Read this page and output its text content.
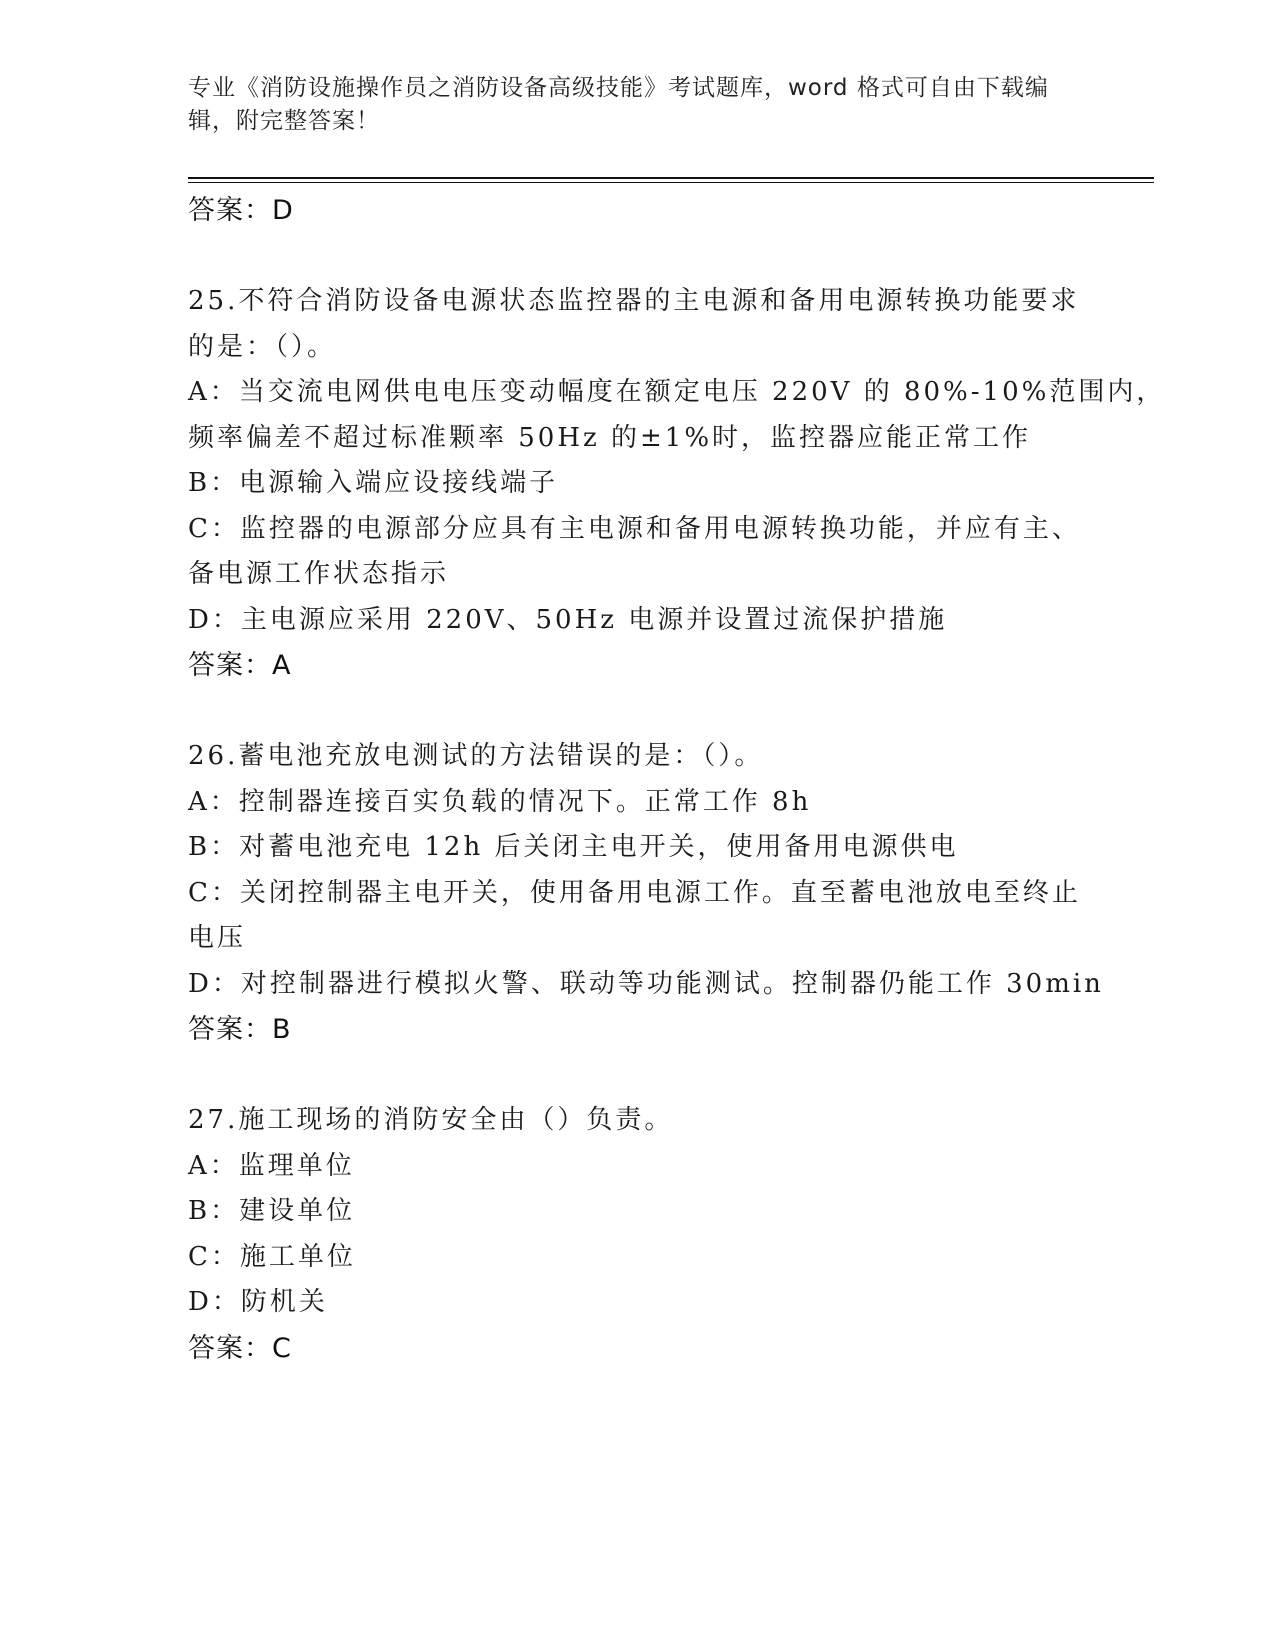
专业《消防设施操作员之消防设备高级技能》考试题库，word 格式可自由下载编
辑，附完整答案！
答案：D
25.不符合消防设备电源状态监控器的主电源和备用电源转换功能要求
的是：（）。
A：当交流电网供电电压变动幅度在额定电压 220V 的 80%-10%范围内，
频率偏差不超过标准颗率 50Hz 的±1%时，监控器应能正常工作
B：电源输入端应设接线端子
C：监控器的电源部分应具有主电源和备用电源转换功能，并应有主、
备电源工作状态指示
D：主电源应采用 220V、50Hz 电源并设置过流保护措施
答案：A
26.蓄电池充放电测试的方法错误的是：（）。
A：控制器连接百实负载的情况下。正常工作 8h
B：对蓄电池充电 12h 后关闭主电开关，使用备用电源供电
C：关闭控制器主电开关，使用备用电源工作。直至蓄电池放电至终止
电压
D：对控制器进行模拟火警、联动等功能测试。控制器仍能工作 30min
答案：B
27.施工现场的消防安全由（）负责。
A：监理单位
B：建设单位
C：施工单位
D：防机关
答案：C
